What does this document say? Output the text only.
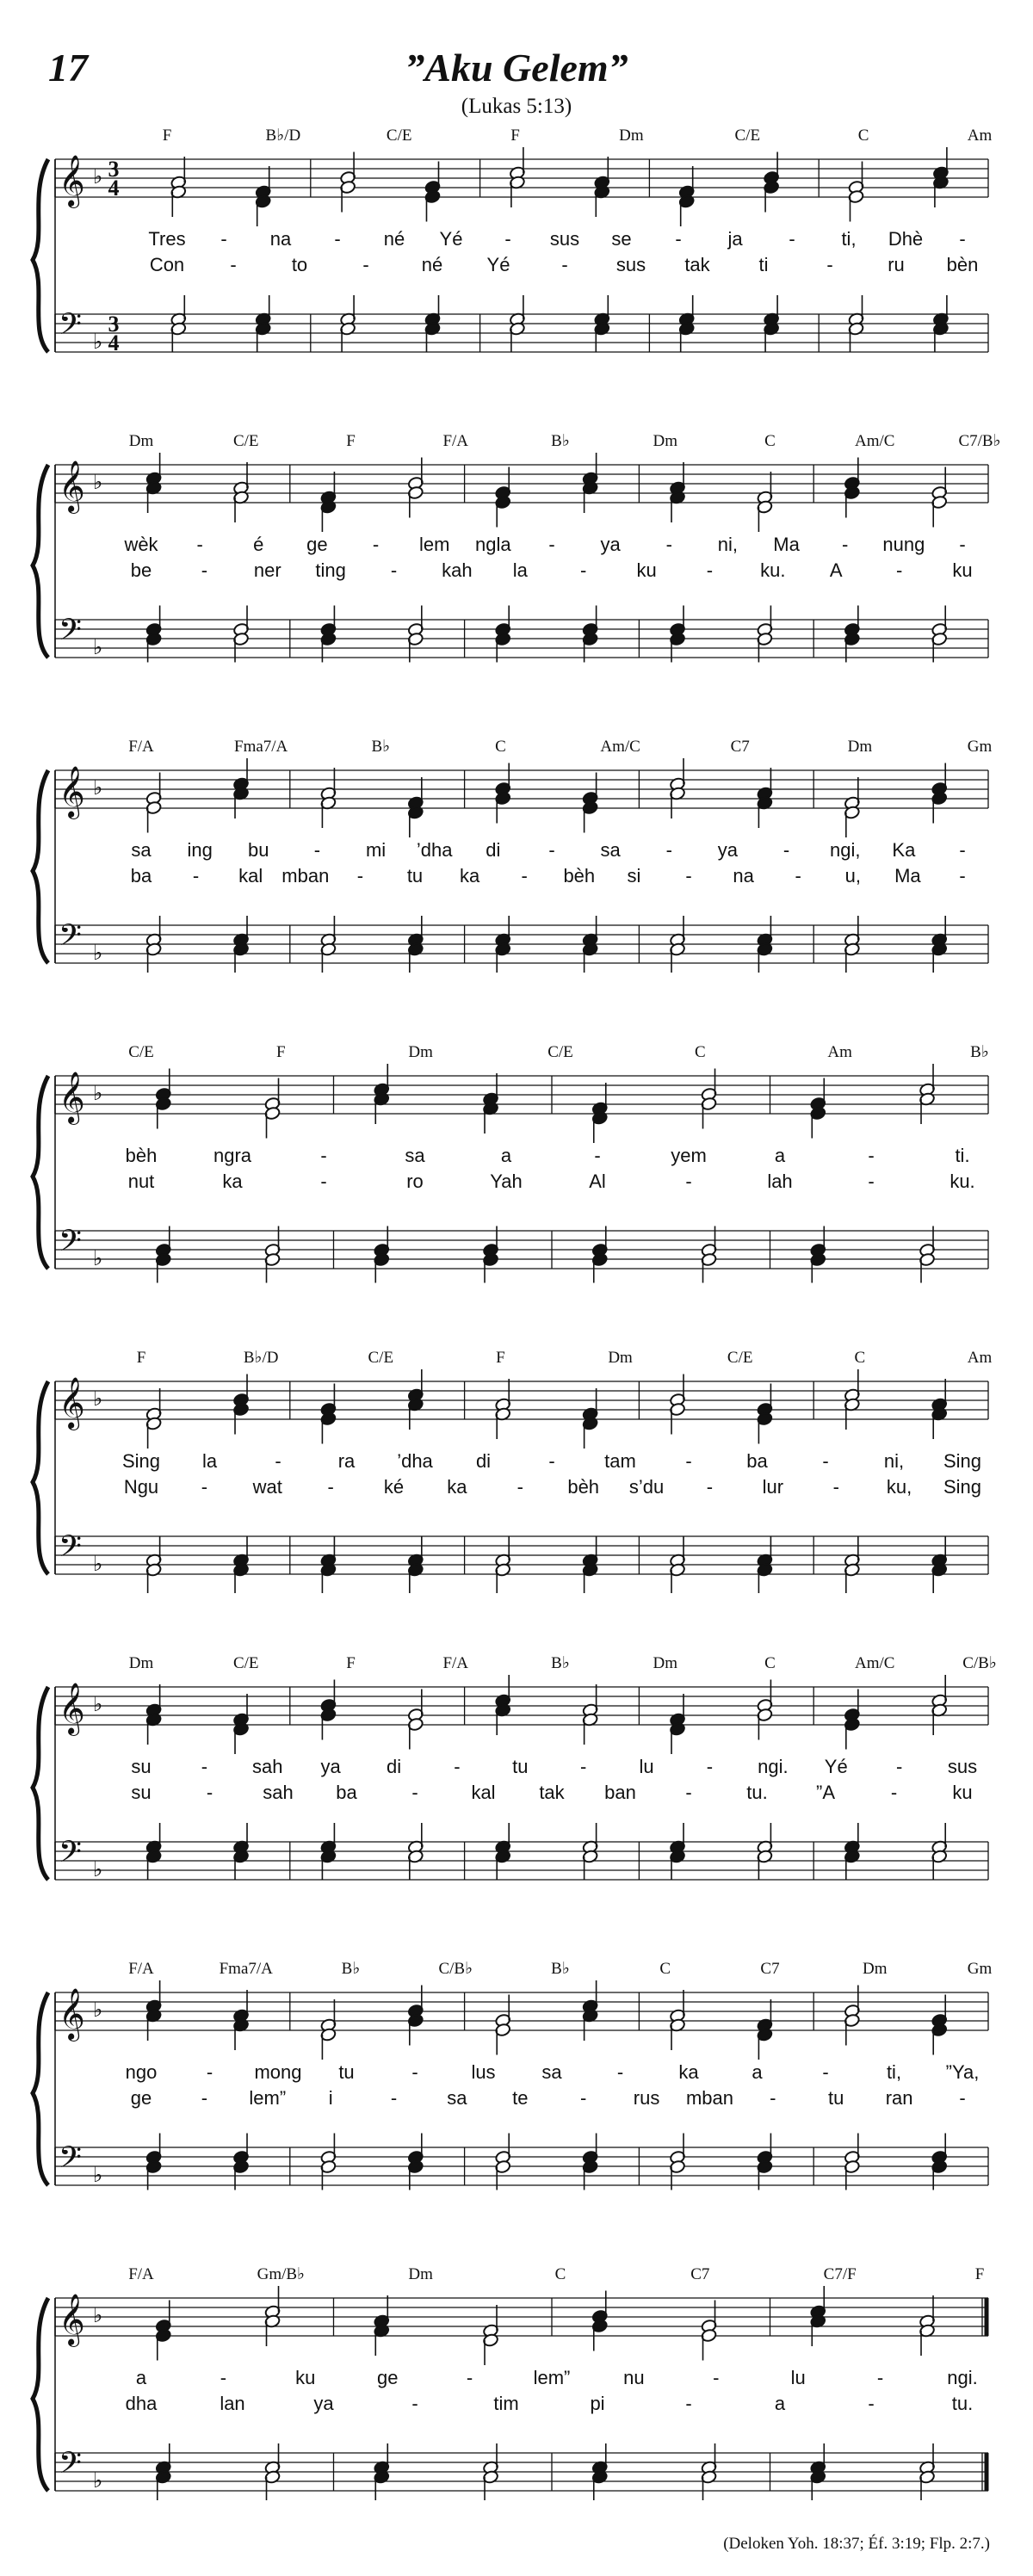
17	”Aku Gelem”
(Lukas 5:13)
𝄞 ♭ 3
4
𝄢 ♭
3
4
F	B♭/D	C/E	F	Dm	C/E	C	Am
Tres - na - né Yé - sus se - ja - ti, Dhè -
Con -	to	-	né Yé	-	sus tak	ti	-	ru bèn
𝄞 ♭
𝄢 ♭
Dm	C/E	F	F/A	B♭	Dm	C	Am/C	C7/B♭
wèk -	é ge - lem ngla - ya - ni, Ma - nung -
be	- ner ting - kah la	-	ku	-	ku. A	-	ku
𝄞 ♭
𝄢 ♭
F/A	Fma7/A	B♭	C	Am/C	C7	Dm	Gm
sa ing bu - mi ’dha di	- sa - ya - ngi, Ka -
ba - kal mban - tu ka - bèh si - na - u, Ma -
𝄞 ♭
𝄢 ♭
C/E	F	Dm	C/E	C	Am	B♭
bèh	ngra	-	sa	a	-	yem	a	-	ti.
nut	ka	-	ro	Yah	Al	-	lah	-	ku.
𝄞 ♭
𝄢 ♭
F	B♭/D	C/E	F	Dm	C/E	C	Am
Sing la	-	ra ’dha di	-	tam	-	ba	-	ni, Sing
Ngu - wat -	ké ka	- bèh s’du -	lur	-	ku, Sing
𝄞 ♭
𝄢 ♭
Dm	C/E	F	F/A	B♭	Dm	C	Am/C	C/B♭
su	- sah ya di	-	tu	-	lu	- ngi. Yé	- sus
su	-	sah ba	-	kal tak ban	-	tu.	”A	-	ku
𝄞 ♭
𝄢 ♭
F/A	Fma7/A	B♭	C/B♭	B♭	C	C7	Dm	Gm
ngo	- mong tu	-	lus sa	-	ka	a	-	ti, ”Ya,
ge	- lem” i	-	sa te	- rus mban -	tu ran -
𝄞 ♭
𝄢 ♭
F/A	Gm/B♭	Dm	C	C7	C7/F	F
a	-	ku	ge	-	lem”	nu	-	lu	-	ngi.
dha	lan	ya	-	tim	pi	-	a	-	tu.
(Deloken Yoh. 18:37; Éf. 3:19; Flp. 2:7.)
